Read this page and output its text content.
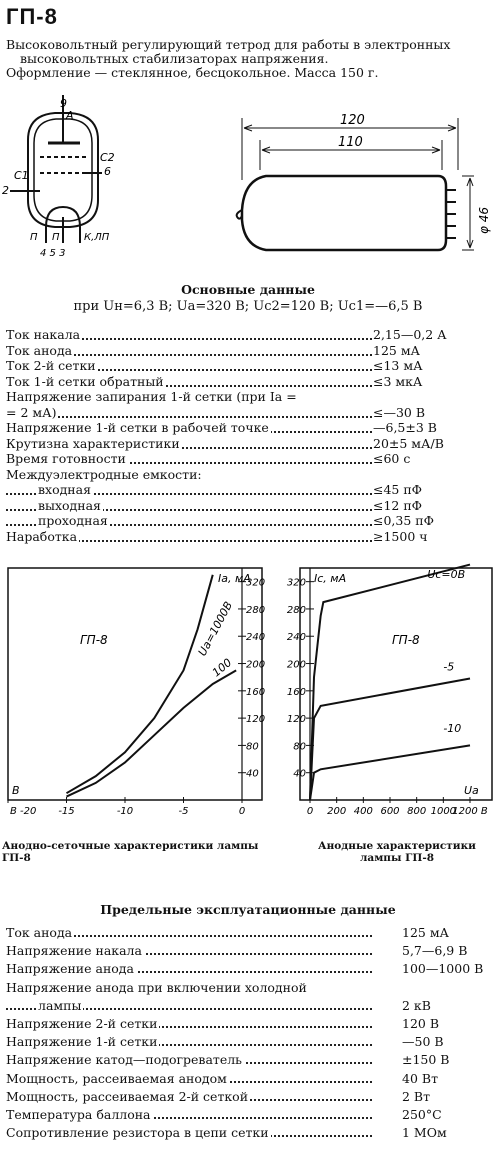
ГП-8

Высоковольтный регулирующий тетрод для работы в электронных

высоковольтных стабилизаторах напряжения.

Оформление — стеклянное, бесцокольное. Масса 150 г.

9
А
С1
С2
6
2
П П К,ЛП
4 5 3
120
110
φ 46
Основные данные
при Uн=6,3 В; Uа=320 В; Uс2=120 В; Uс1=—6,5 В
Ток накала	2,15—0,2 А
Ток анода	125 мА
Ток 2-й сетки	≤13 мА
Ток 1-й сетки обратный	≤3 мкА
Напряжение запирания 1-й сетки (при Iа =
= 2 мА)	≤—30 В
Напряжение 1-й сетки в рабочей точке	—6,5±3 В
Крутизна характеристики	20±5 мА/В
Время готовности	≤60 с
Междуэлектродные емкости:
входная	≤45 пФ
выходная	≤12 пФ
проходная	≤0,35 пФ
Наработка	≥1500 ч
40
80
120
160
200
240
280
320
В -20 -15	-10	-5	0
ГП-8
Iа, мА
В
Uа=1000В
100
40
80
120
160
200
240
280
320
0 200 400 600 800 1000
1200 В
ГП-8
Ic, мА
Uа
Uс=0В
-5
-10
Анодно-сеточные характеристики лампы ГП-8
Анодные характеристики лампы ГП-8
Предельные эксплуатационные данные
Ток анода	125 мА
Напряжение накала	5,7—6,9 В
Напряжение анода	100—1000 В
Напряжение анода при включении холодной
лампы	2 кВ
Напряжение 2-й сетки	120 В
Напряжение 1-й сетки	—50 В
Напряжение катод—подогреватель	±150 В
Мощность, рассеиваемая анодом	40 Вт
Мощность, рассеиваемая 2-й сеткой	2 Вт
Температура баллона	250°С
Сопротивление резистора в цепи сетки	1 МОм
